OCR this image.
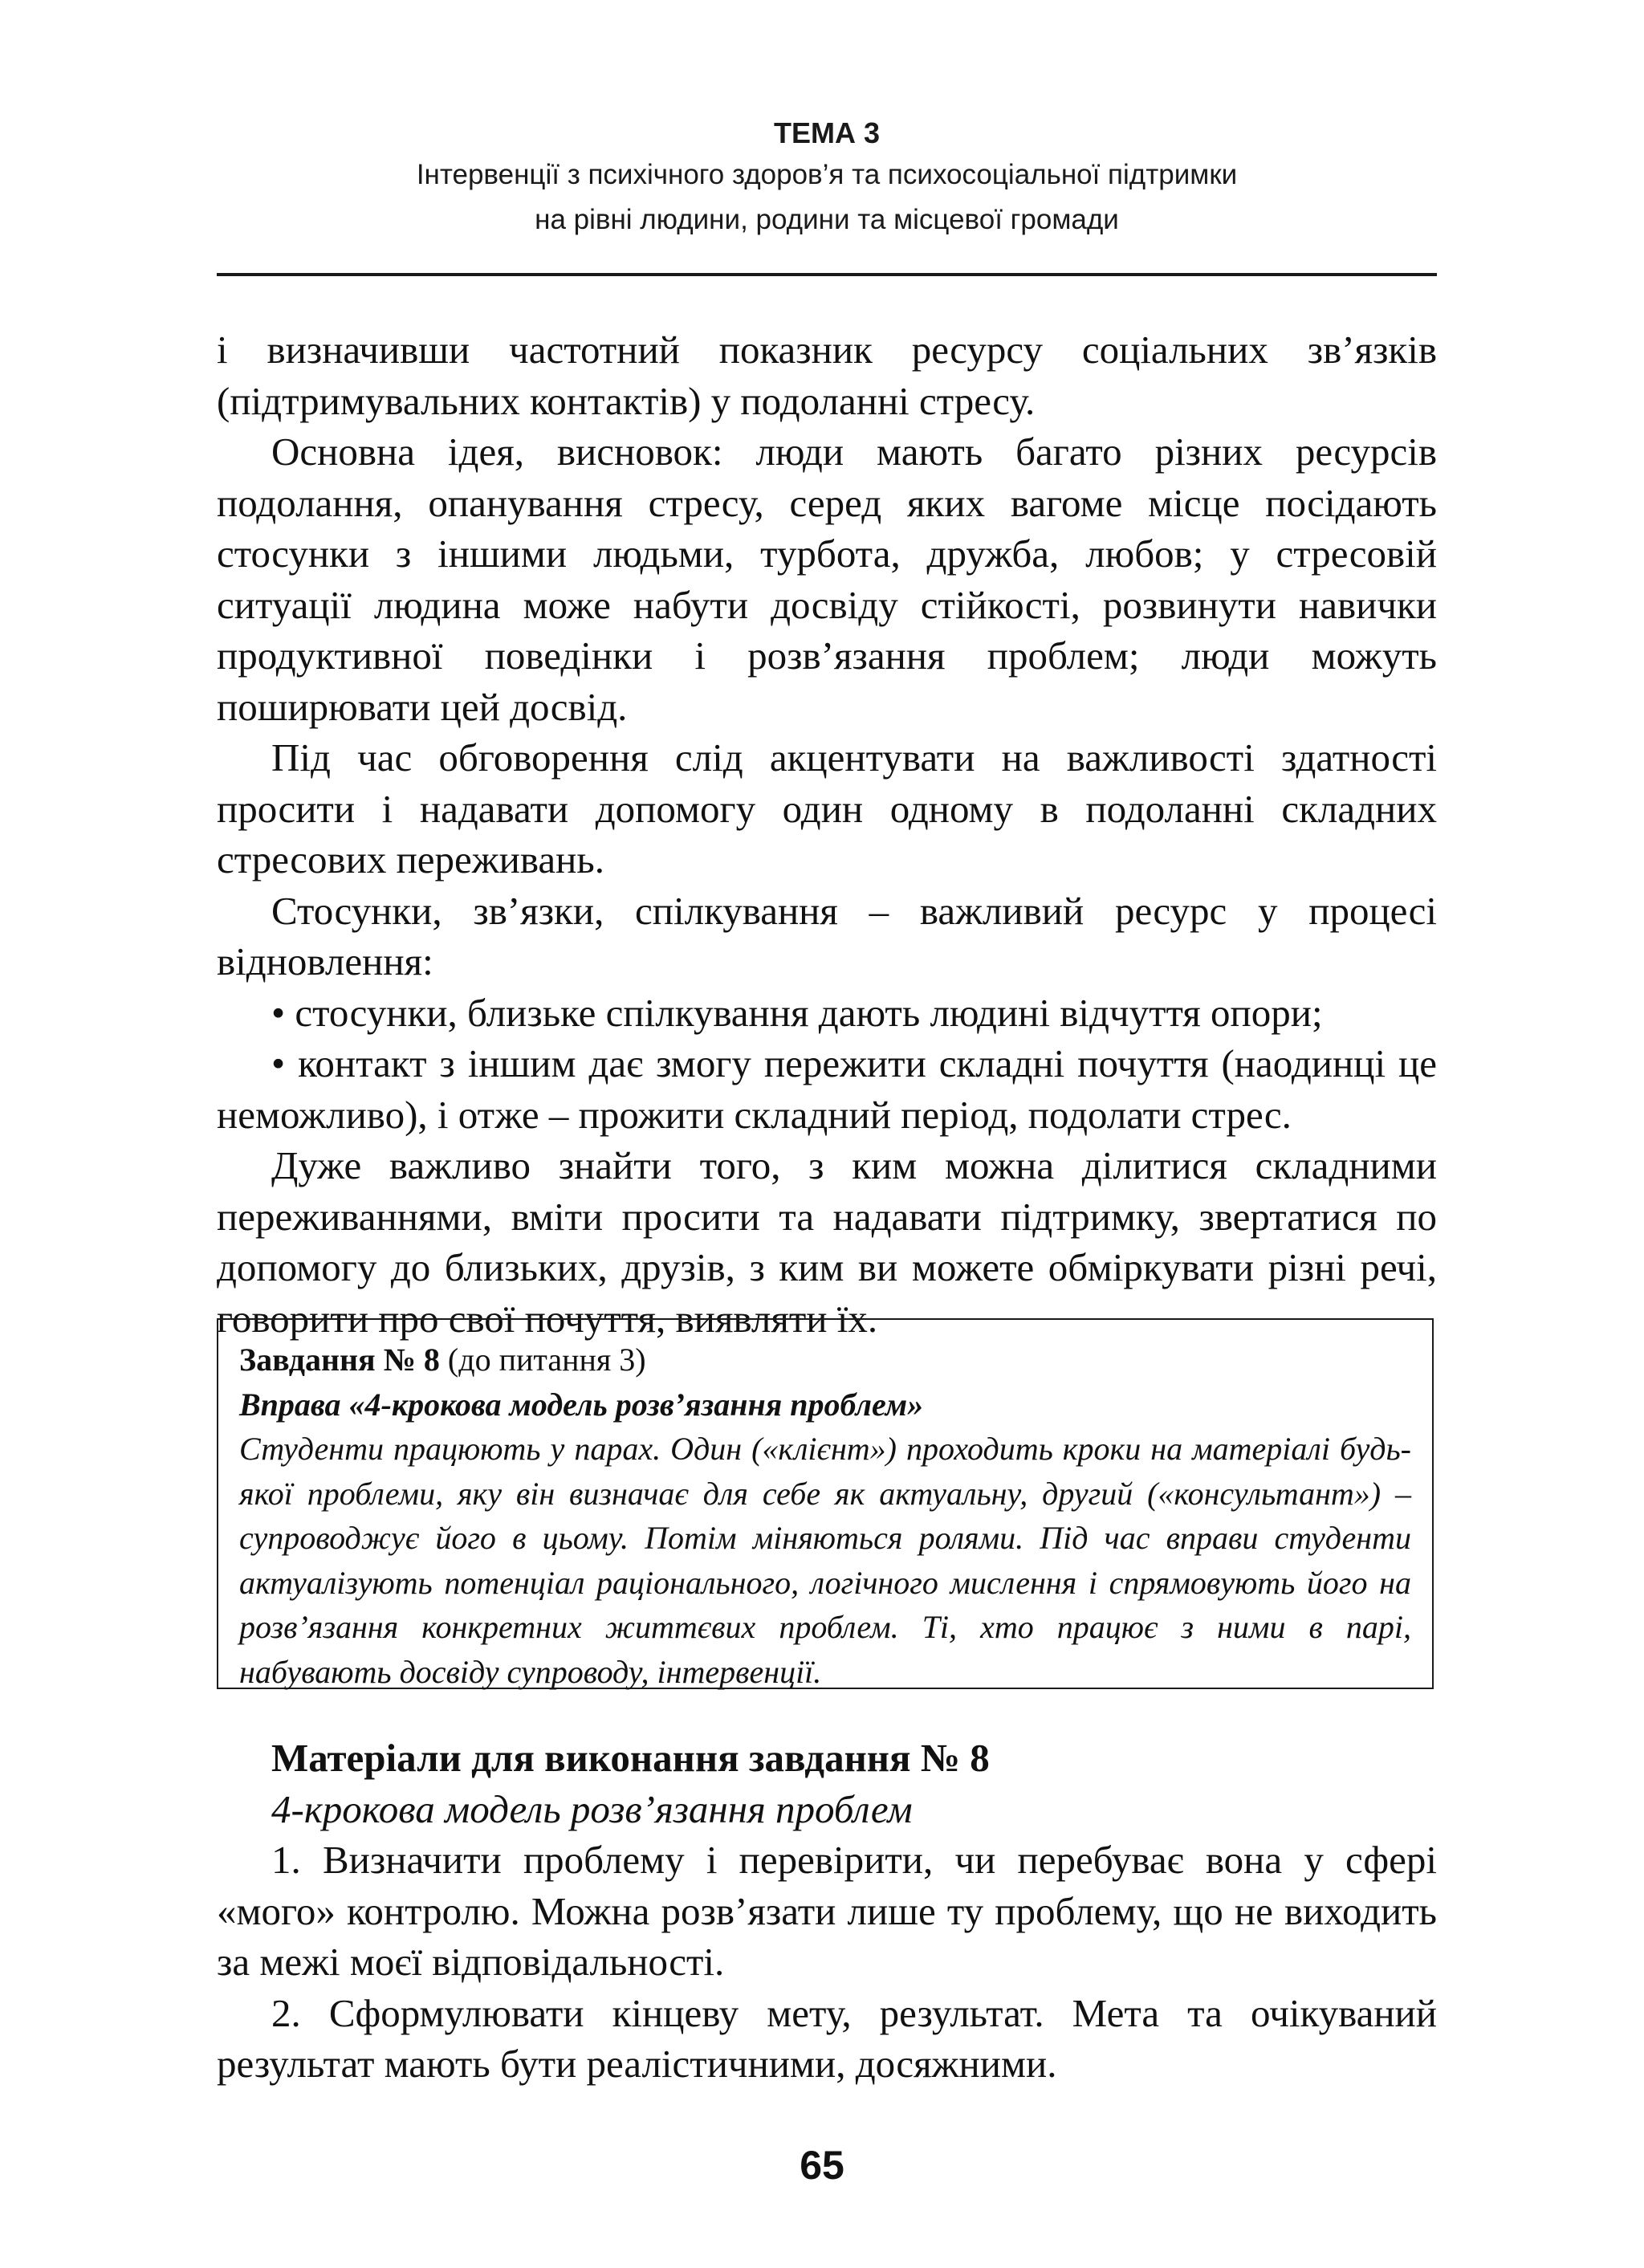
ТЕМА 3
Інтервенції з психічного здоров’я та психосоціальної підтримки
на рівні людини, родини та місцевої громади

і визначивши частотний показник ресурсу соціальних зв’язків (підтримувальних контактів) у подоланні стресу.

Основна ідея, висновок: люди мають багато різних ресурсів подолання, опанування стресу, серед яких вагоме місце посідають стосунки з іншими людьми, турбота, дружба, любов; у стресовій ситуації людина може набути досвіду стійкості, розвинути навички продуктивної поведінки і розв’язання проблем; люди можуть поширювати цей досвід.

Під час обговорення слід акцентувати на важливості здатності просити і надавати допомогу один одному в подоланні складних стресових переживань.

Стосунки, зв’язки, спілкування – важливий ресурс у процесі відновлення:

• стосунки, близьке спілкування дають людині відчуття опори;

• контакт з іншим дає змогу пережити складні почуття (наодинці це неможливо), і отже – прожити складний період, подолати стрес.

Дуже важливо знайти того, з ким можна ділитися складними переживаннями, вміти просити та надавати підтримку, звертатися по допомогу до близьких, друзів, з ким ви можете обміркувати різні речі, говорити про свої почуття, виявляти їх.

Завдання № 8 (до питання 3)

Вправа «4-крокова модель розв’язання проблем»

Студенти працюють у парах. Один («клієнт») проходить кроки на матеріалі будь-якої проблеми, яку він визначає для себе як актуальну, другий («консультант») – супроводжує його в цьому. Потім міняються ролями. Під час вправи студенти актуалізують потенціал раціонального, логічного мислення і спрямовують його на розв’язання конкретних життєвих проблем. Ті, хто працює з ними в парі, набувають досвіду супроводу, інтервенції.

Матеріали для виконання завдання № 8

4-крокова модель розв’язання проблем

1. Визначити проблему і перевірити, чи перебуває вона у сфері «мого» контролю. Можна розв’язати лише ту проблему, що не виходить за межі моєї відповідальності.

2. Сформулювати кінцеву мету, результат. Мета та очікуваний результат мають бути реалістичними, досяжними.

65
